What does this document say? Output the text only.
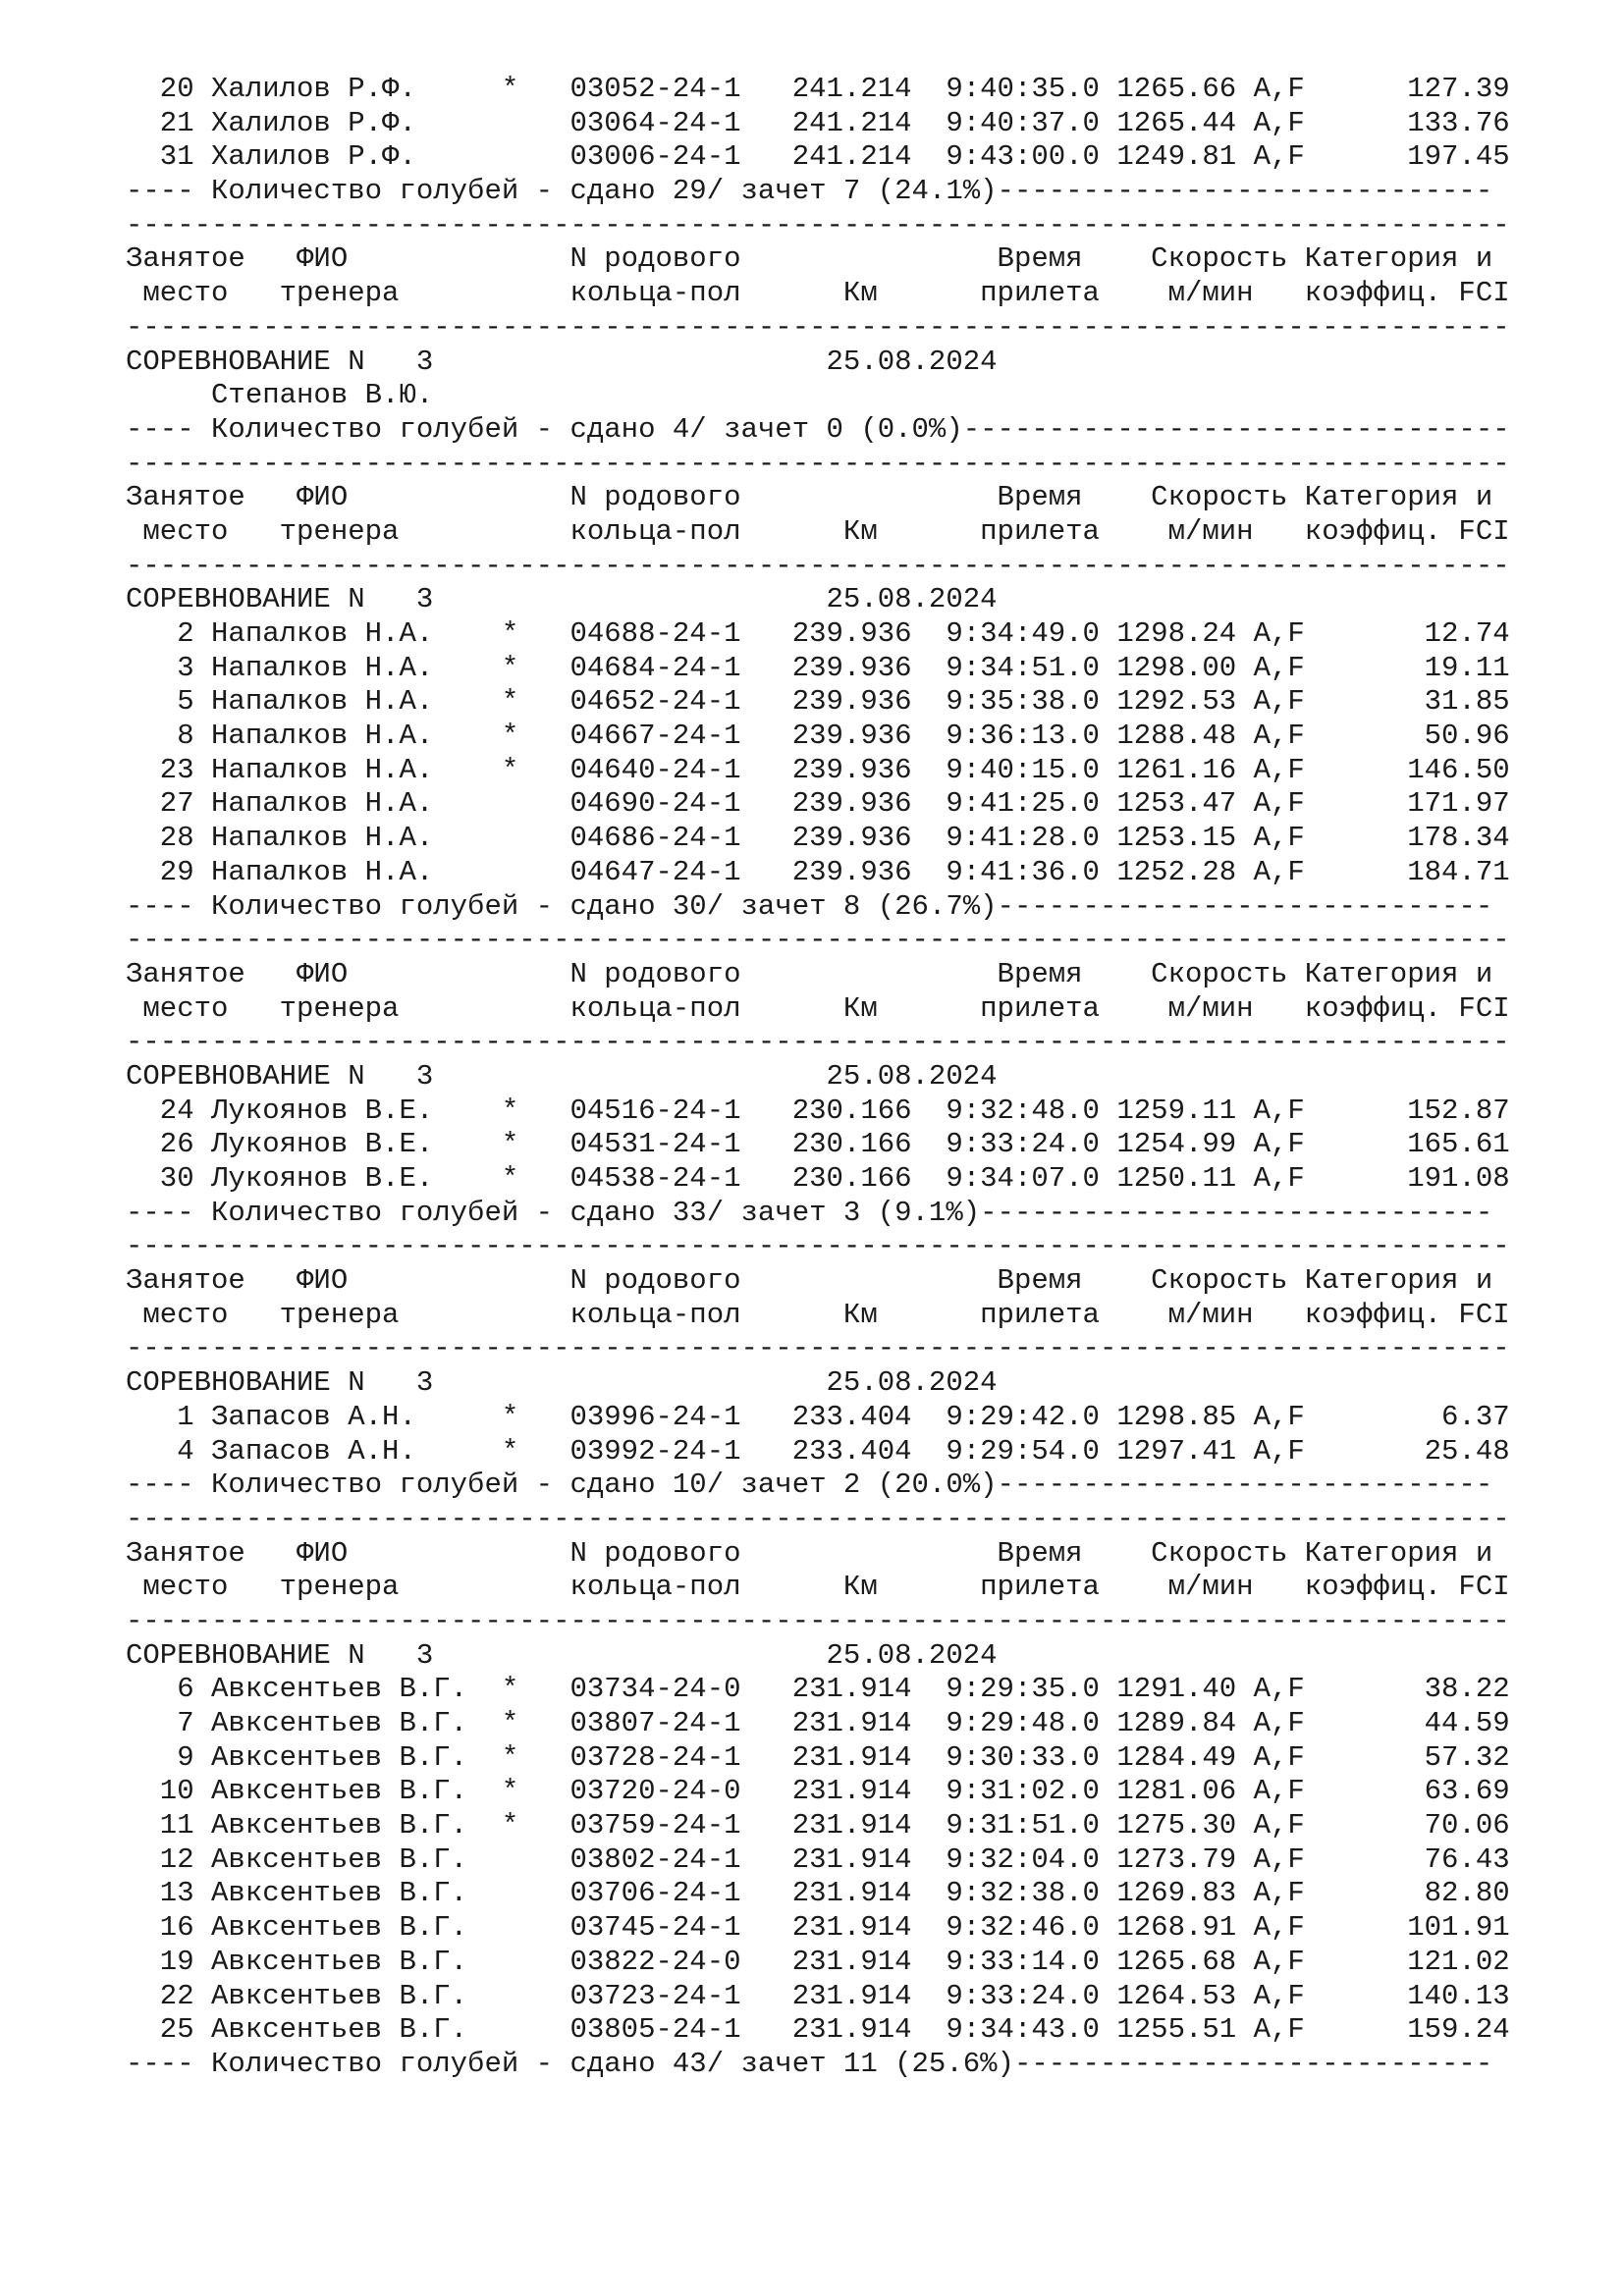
20 Халилов Р.Ф.     *   03052-24-1   241.214  9:40:35.0 1265.66 A,F      127.39
21 Халилов Р.Ф.         03064-24-1   241.214  9:40:37.0 1265.44 A,F      133.76
31 Халилов Р.Ф.         03006-24-1   241.214  9:43:00.0 1249.81 A,F      197.45
---- Количество голубей - сдано 29/ зачет 7 (24.1%)-----------------------------
---------------------------------------------------------------------------------
Занятое   ФИО             N родового               Время    Скорость Категория и
место   тренера          кольца-пол      Км      прилета    м/мин   коэффиц. FCI
---------------------------------------------------------------------------------
СОРЕВНОВАНИЕ N   3                       25.08.2024
Степанов В.Ю.
---- Количество голубей - сдано 4/ зачет 0 (0.0%)--------------------------------
---------------------------------------------------------------------------------
Занятое   ФИО             N родового               Время    Скорость Категория и
место   тренера          кольца-пол      Км      прилета    м/мин   коэффиц. FCI
---------------------------------------------------------------------------------
СОРЕВНОВАНИЕ N   3                       25.08.2024
2 Напалков Н.А.    *   04688-24-1   239.936  9:34:49.0 1298.24 A,F       12.74
3 Напалков Н.А.    *   04684-24-1   239.936  9:34:51.0 1298.00 A,F       19.11
5 Напалков Н.А.    *   04652-24-1   239.936  9:35:38.0 1292.53 A,F       31.85
8 Напалков Н.А.    *   04667-24-1   239.936  9:36:13.0 1288.48 A,F       50.96
23 Напалков Н.А.    *   04640-24-1   239.936  9:40:15.0 1261.16 A,F      146.50
27 Напалков Н.А.        04690-24-1   239.936  9:41:25.0 1253.47 A,F      171.97
28 Напалков Н.А.        04686-24-1   239.936  9:41:28.0 1253.15 A,F      178.34
29 Напалков Н.А.        04647-24-1   239.936  9:41:36.0 1252.28 A,F      184.71
---- Количество голубей - сдано 30/ зачет 8 (26.7%)-----------------------------
---------------------------------------------------------------------------------
Занятое   ФИО             N родового               Время    Скорость Категория и
место   тренера          кольца-пол      Км      прилета    м/мин   коэффиц. FCI
---------------------------------------------------------------------------------
СОРЕВНОВАНИЕ N   3                       25.08.2024
24 Лукоянов В.Е.    *   04516-24-1   230.166  9:32:48.0 1259.11 A,F      152.87
26 Лукоянов В.Е.    *   04531-24-1   230.166  9:33:24.0 1254.99 A,F      165.61
30 Лукоянов В.Е.    *   04538-24-1   230.166  9:34:07.0 1250.11 A,F      191.08
---- Количество голубей - сдано 33/ зачет 3 (9.1%)------------------------------
---------------------------------------------------------------------------------
Занятое   ФИО             N родового               Время    Скорость Категория и
место   тренера          кольца-пол      Км      прилета    м/мин   коэффиц. FCI
---------------------------------------------------------------------------------
СОРЕВНОВАНИЕ N   3                       25.08.2024
1 Запасов А.Н.     *   03996-24-1   233.404  9:29:42.0 1298.85 A,F        6.37
4 Запасов А.Н.     *   03992-24-1   233.404  9:29:54.0 1297.41 A,F       25.48
---- Количество голубей - сдано 10/ зачет 2 (20.0%)-----------------------------
---------------------------------------------------------------------------------
Занятое   ФИО             N родового               Время    Скорость Категория и
место   тренера          кольца-пол      Км      прилета    м/мин   коэффиц. FCI
---------------------------------------------------------------------------------
СОРЕВНОВАНИЕ N   3                       25.08.2024
6 Авксентьев В.Г.  *   03734-24-0   231.914  9:29:35.0 1291.40 A,F       38.22
7 Авксентьев В.Г.  *   03807-24-1   231.914  9:29:48.0 1289.84 A,F       44.59
9 Авксентьев В.Г.  *   03728-24-1   231.914  9:30:33.0 1284.49 A,F       57.32
10 Авксентьев В.Г.  *   03720-24-0   231.914  9:31:02.0 1281.06 A,F       63.69
11 Авксентьев В.Г.  *   03759-24-1   231.914  9:31:51.0 1275.30 A,F       70.06
12 Авксентьев В.Г.      03802-24-1   231.914  9:32:04.0 1273.79 A,F       76.43
13 Авксентьев В.Г.      03706-24-1   231.914  9:32:38.0 1269.83 A,F       82.80
16 Авксентьев В.Г.      03745-24-1   231.914  9:32:46.0 1268.91 A,F      101.91
19 Авксентьев В.Г.      03822-24-0   231.914  9:33:14.0 1265.68 A,F      121.02
22 Авксентьев В.Г.      03723-24-1   231.914  9:33:24.0 1264.53 A,F      140.13
25 Авксентьев В.Г.      03805-24-1   231.914  9:34:43.0 1255.51 A,F      159.24
---- Количество голубей - сдано 43/ зачет 11 (25.6%)----------------------------
